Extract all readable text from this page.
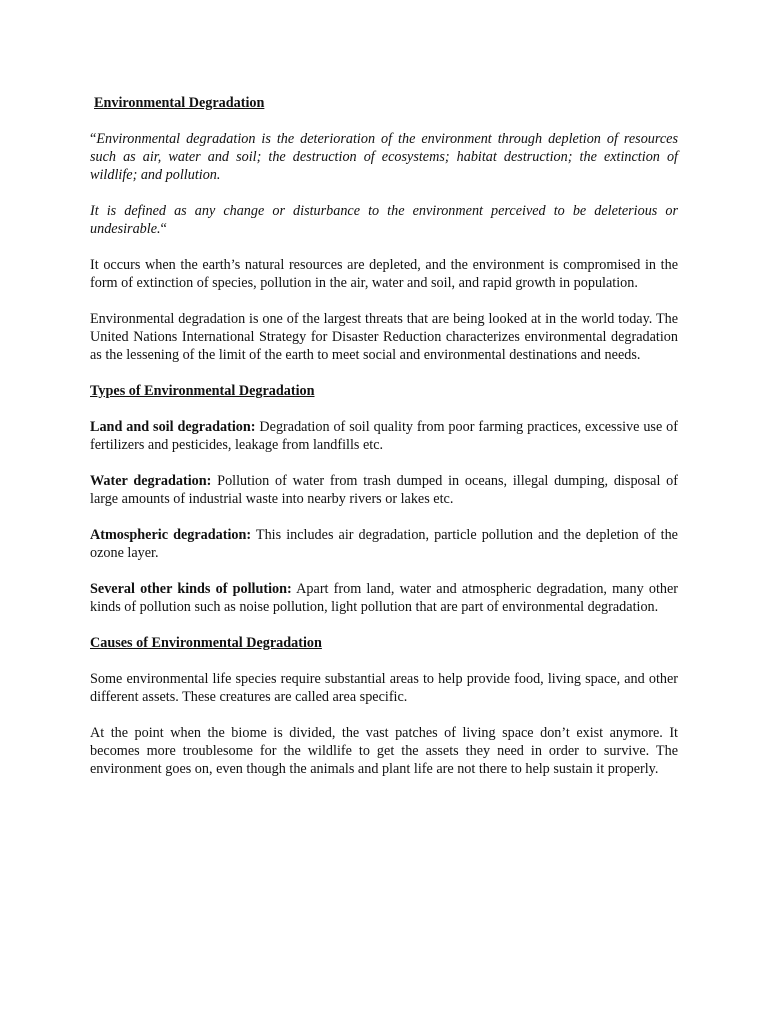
Environmental Degradation

“Environmental degradation is the deterioration of the environment through depletion of resources such as air, water and soil; the destruction of ecosystems; habitat destruction; the extinction of wildlife; and pollution.

It is defined as any change or disturbance to the environment perceived to be deleterious or undesirable.“

It occurs when the earth’s natural resources are depleted, and the environment is compromised in the form of extinction of species, pollution in the air, water and soil, and rapid growth in population.

Environmental degradation is one of the largest threats that are being looked at in the world today. The United Nations International Strategy for Disaster Reduction characterizes environmental degradation as the lessening of the limit of the earth to meet social and environmental destinations and needs.

Types of Environmental Degradation

Land and soil degradation: Degradation of soil quality from poor farming practices, excessive use of fertilizers and pesticides, leakage from landfills etc.

Water degradation: Pollution of water from trash dumped in oceans, illegal dumping, disposal of large amounts of industrial waste into nearby rivers or lakes etc.

Atmospheric degradation: This includes air degradation, particle pollution and the depletion of the ozone layer.

Several other kinds of pollution: Apart from land, water and atmospheric degradation, many other kinds of pollution such as noise pollution, light pollution that are part of environmental degradation.

Causes of Environmental Degradation

Some environmental life species require substantial areas to help provide food, living space, and other different assets. These creatures are called area specific.

At the point when the biome is divided, the vast patches of living space don’t exist anymore. It becomes more troublesome for the wildlife to get the assets they need in order to survive. The environment goes on, even though the animals and plant life are not there to help sustain it properly.
